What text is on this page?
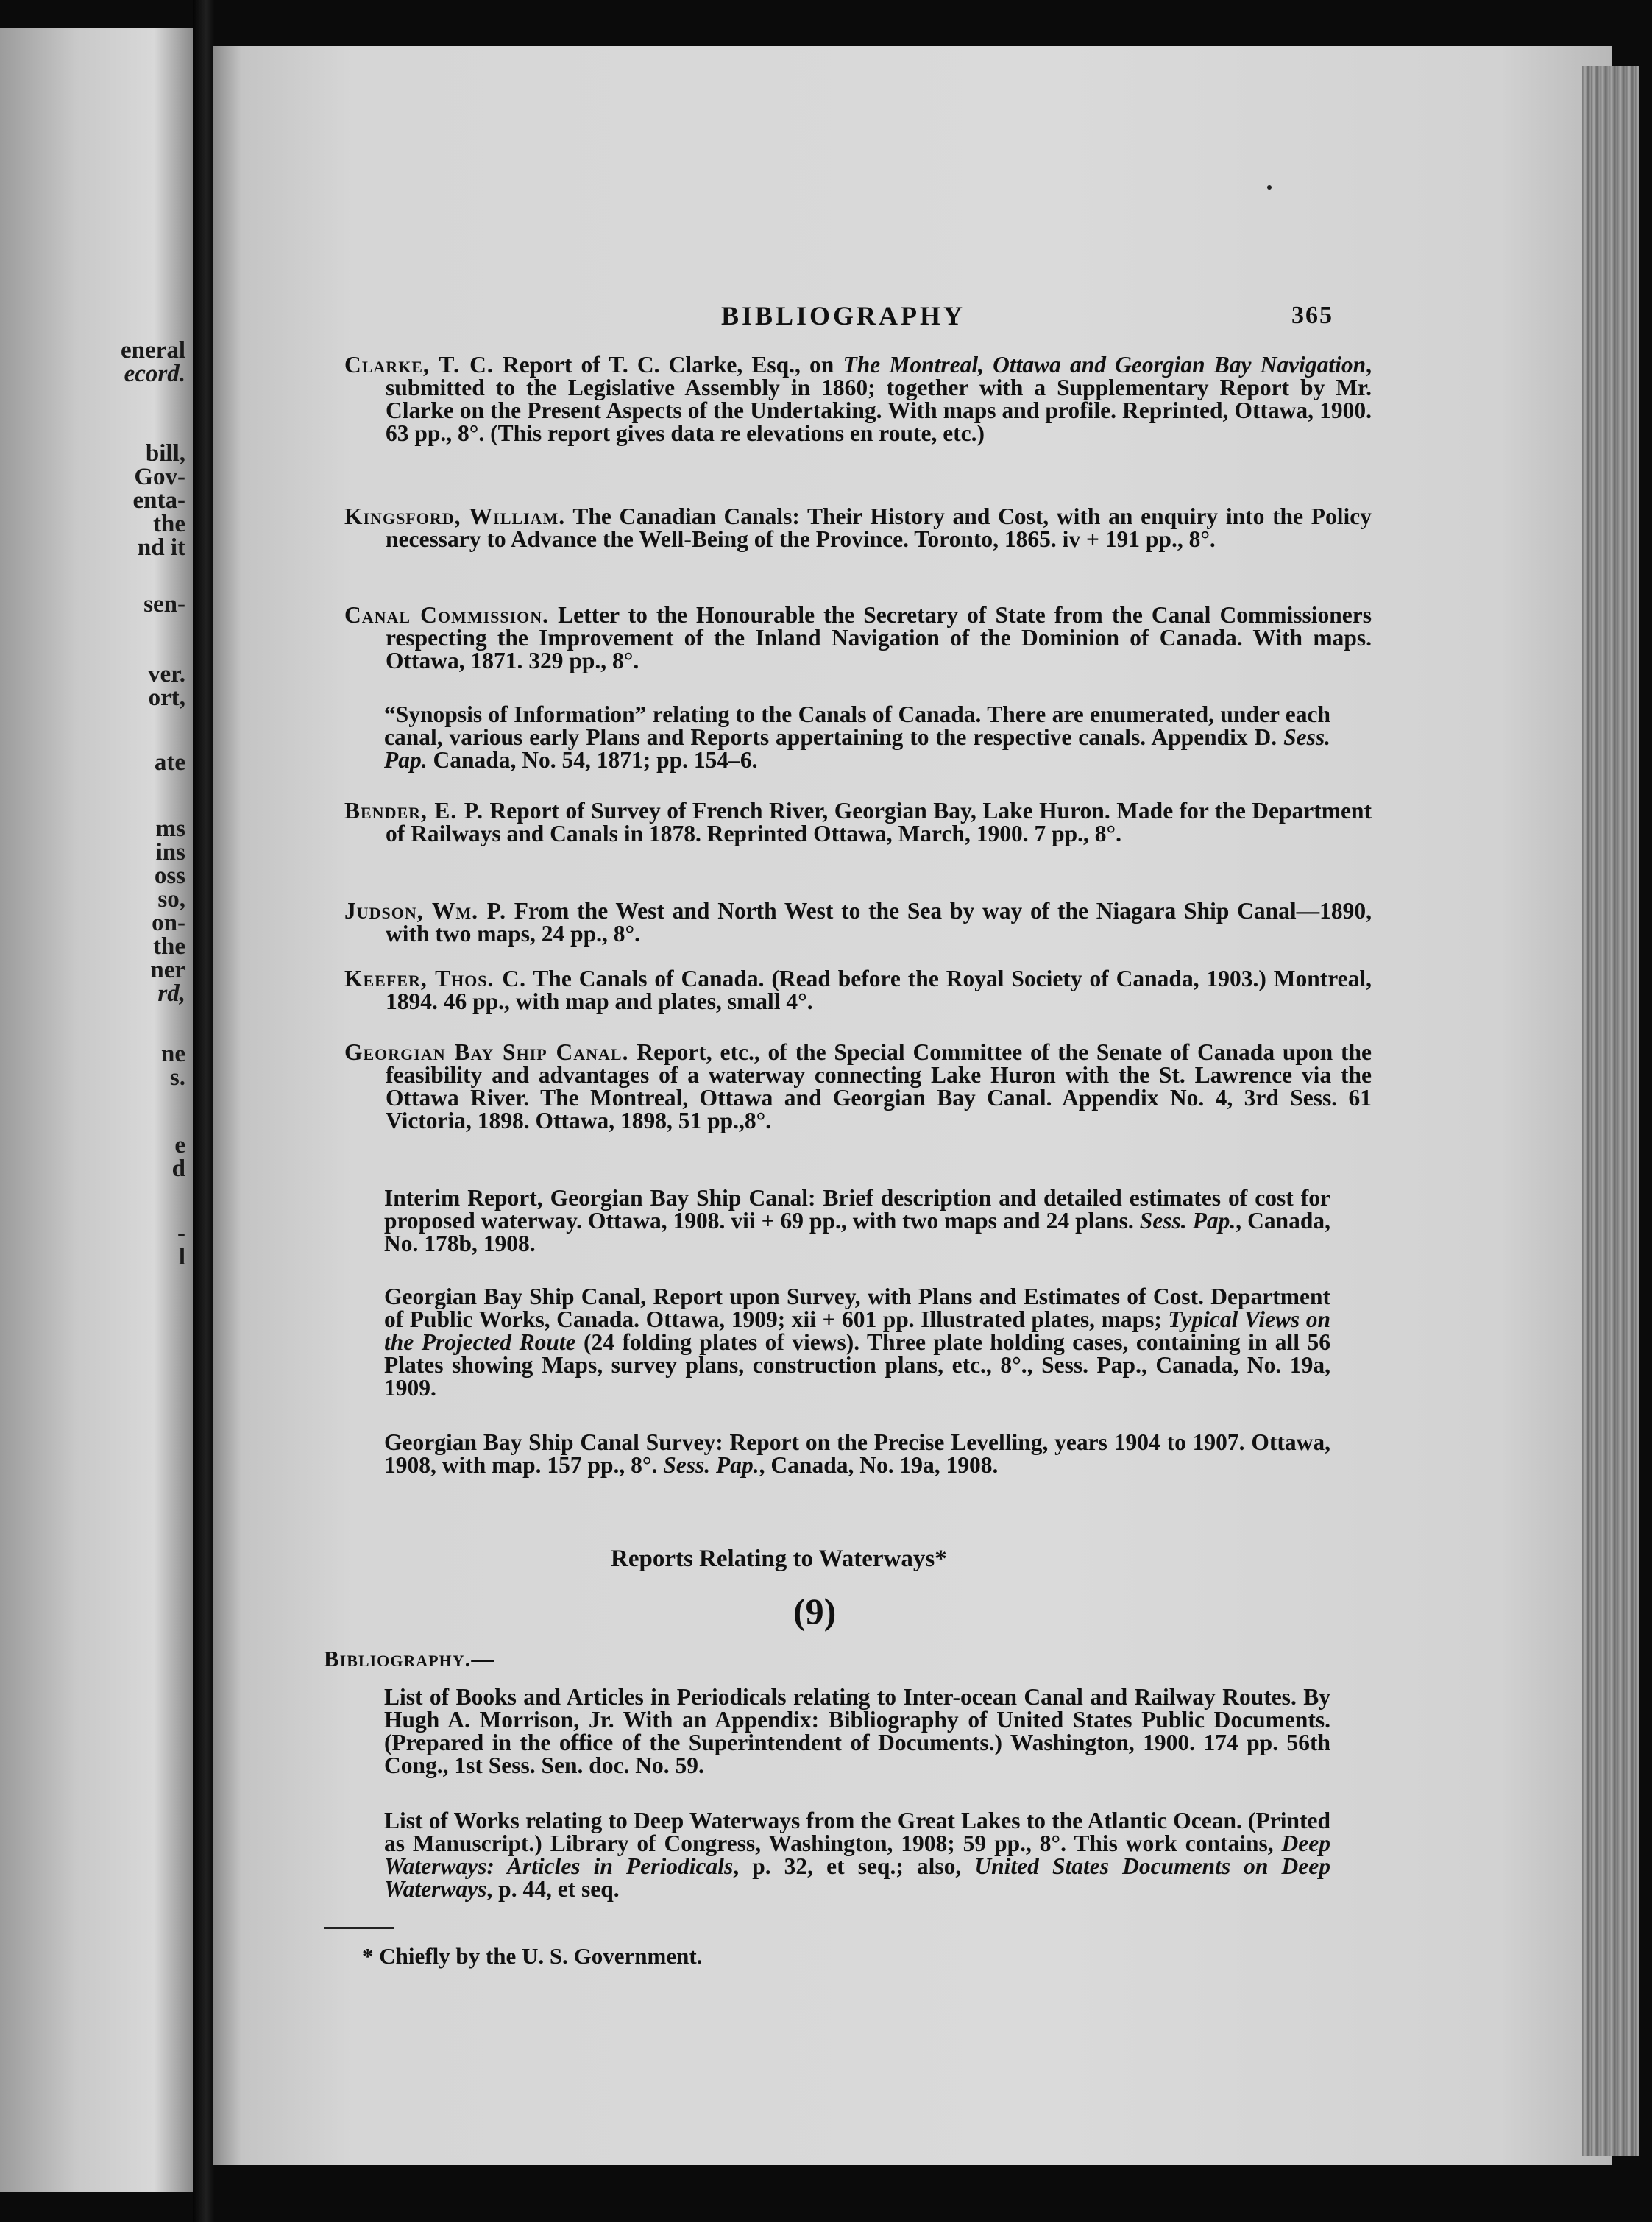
eneral
ecord.
bill,
Gov-
enta-
the
nd it
sen-
ver.
ort,
ate
ms
ins
oss
so,
on-
the
ner
rd,
ne
s.
e
d
-
l
BIBLIOGRAPHY	365
Clarke, T. C. Report of T. C. Clarke, Esq., on The Montreal, Ottawa and Georgian Bay Navigation, submitted to the Legislative Assembly in 1860; together with a Supplementary Report by Mr. Clarke on the Present Aspects of the Undertaking. With maps and profile. Reprinted, Ottawa, 1900. 63 pp., 8°. (This report gives data re elevations en route, etc.)
Kingsford, William. The Canadian Canals: Their History and Cost, with an enquiry into the Policy necessary to Advance the Well-Being of the Province. Toronto, 1865. iv + 191 pp., 8°.
Canal Commission. Letter to the Honourable the Secretary of State from the Canal Commissioners respecting the Improvement of the Inland Navigation of the Dominion of Canada. With maps. Ottawa, 1871. 329 pp., 8°.
“Synopsis of Information” relating to the Canals of Canada. There are enumerated, under each canal, various early Plans and Reports appertaining to the respective canals. Appendix D. Sess. Pap. Canada, No. 54, 1871; pp. 154–6.
Bender, E. P. Report of Survey of French River, Georgian Bay, Lake Huron. Made for the Department of Railways and Canals in 1878. Reprinted Ottawa, March, 1900. 7 pp., 8°.
Judson, Wm. P. From the West and North West to the Sea by way of the Niagara Ship Canal—1890, with two maps, 24 pp., 8°.
Keefer, Thos. C. The Canals of Canada. (Read before the Royal Society of Canada, 1903.) Montreal, 1894. 46 pp., with map and plates, small 4°.
Georgian Bay Ship Canal. Report, etc., of the Special Committee of the Senate of Canada upon the feasibility and advantages of a waterway connecting Lake Huron with the St. Lawrence via the Ottawa River. The Montreal, Ottawa and Georgian Bay Canal. Appendix No. 4, 3rd Sess. 61 Victoria, 1898. Ottawa, 1898, 51 pp.,8°.
Interim Report, Georgian Bay Ship Canal: Brief description and detailed estimates of cost for proposed waterway. Ottawa, 1908. vii + 69 pp., with two maps and 24 plans. Sess. Pap., Canada, No. 178b, 1908.
Georgian Bay Ship Canal, Report upon Survey, with Plans and Estimates of Cost. Department of Public Works, Canada. Ottawa, 1909; xii + 601 pp. Illustrated plates, maps; Typical Views on the Projected Route (24 folding plates of views). Three plate holding cases, containing in all 56 Plates showing Maps, survey plans, construction plans, etc., 8°., Sess. Pap., Canada, No. 19a, 1909.
Georgian Bay Ship Canal Survey: Report on the Precise Levelling, years 1904 to 1907. Ottawa, 1908, with map. 157 pp., 8°. Sess. Pap., Canada, No. 19a, 1908.
Reports Relating to Waterways*
(9)
Bibliography.—
List of Books and Articles in Periodicals relating to Inter-ocean Canal and Railway Routes. By Hugh A. Morrison, Jr. With an Appendix: Bibliography of United States Public Documents. (Prepared in the office of the Superintendent of Documents.) Washington, 1900. 174 pp. 56th Cong., 1st Sess. Sen. doc. No. 59.
List of Works relating to Deep Waterways from the Great Lakes to the Atlantic Ocean. (Printed as Manuscript.) Library of Congress, Washington, 1908; 59 pp., 8°. This work contains, Deep Waterways: Articles in Periodicals, p. 32, et seq.; also, United States Documents on Deep Waterways, p. 44, et seq.
* Chiefly by the U. S. Government.
